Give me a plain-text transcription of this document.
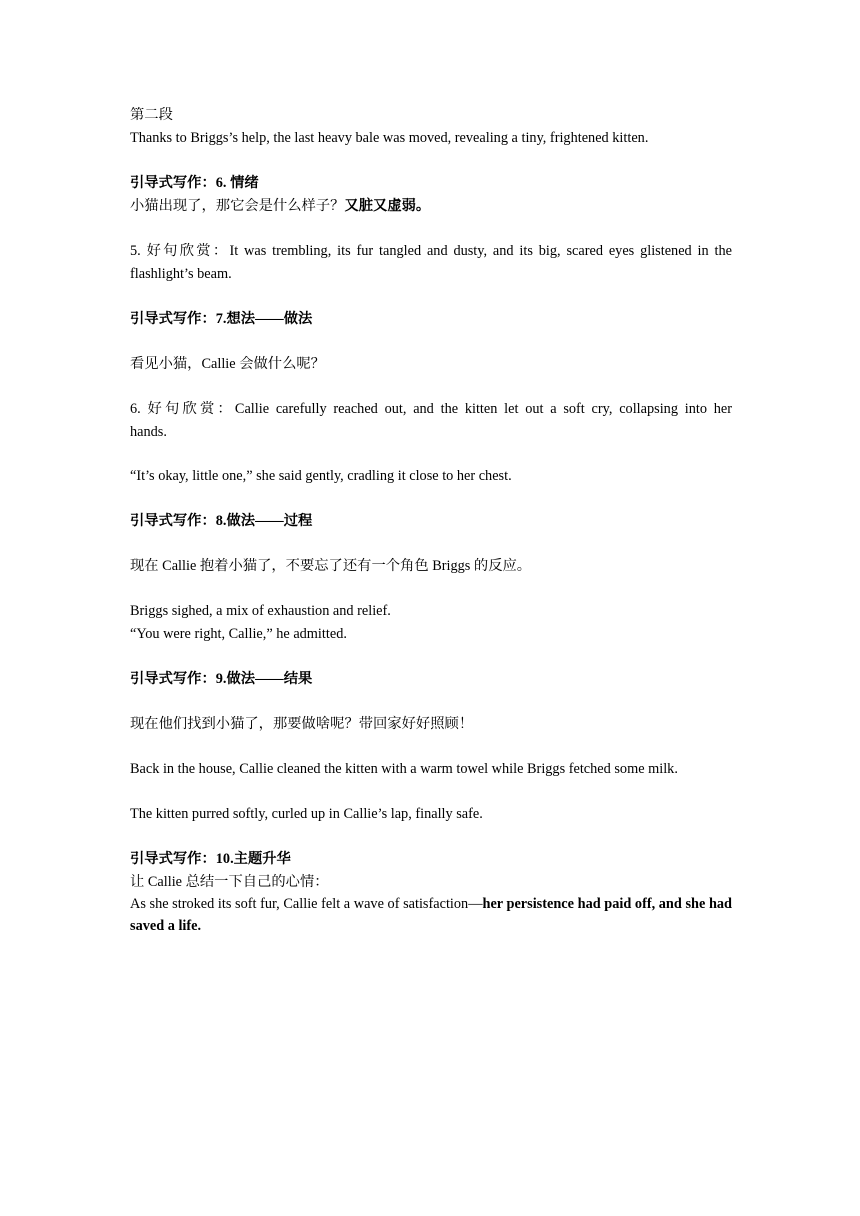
第二段

Thanks to Briggs’s help, the last heavy bale was moved, revealing a tiny, frightened kitten.

引导式写作：6. 情绪

小猫出现了，那它会是什么样子？又脏又虚弱。

5. 好句欣赏：It was trembling, its fur tangled and dusty, and its big, scared eyes glistened in the

flashlight’s beam.

引导式写作：7.想法——做法

看见小猫，Callie 会做什么呢？

6. 好句欣赏：Callie carefully reached out, and the kitten let out a soft cry, collapsing into her

hands.

“It’s okay, little one,” she said gently, cradling it close to her chest.

引导式写作：8.做法——过程

现在 Callie 抱着小猫了，不要忘了还有一个角色 Briggs 的反应。

Briggs sighed, a mix of exhaustion and relief.

“You were right, Callie,” he admitted.

引导式写作：9.做法——结果

现在他们找到小猫了，那要做啥呢？带回家好好照顾！

Back in the house, Callie cleaned the kitten with a warm towel while Briggs fetched some milk.

The kitten purred softly, curled up in Callie’s lap, finally safe.

引导式写作：10.主题升华

让 Callie 总结一下自己的心情：

As she stroked its soft fur, Callie felt a wave of satisfaction—her persistence had paid off, and she had saved a life.
